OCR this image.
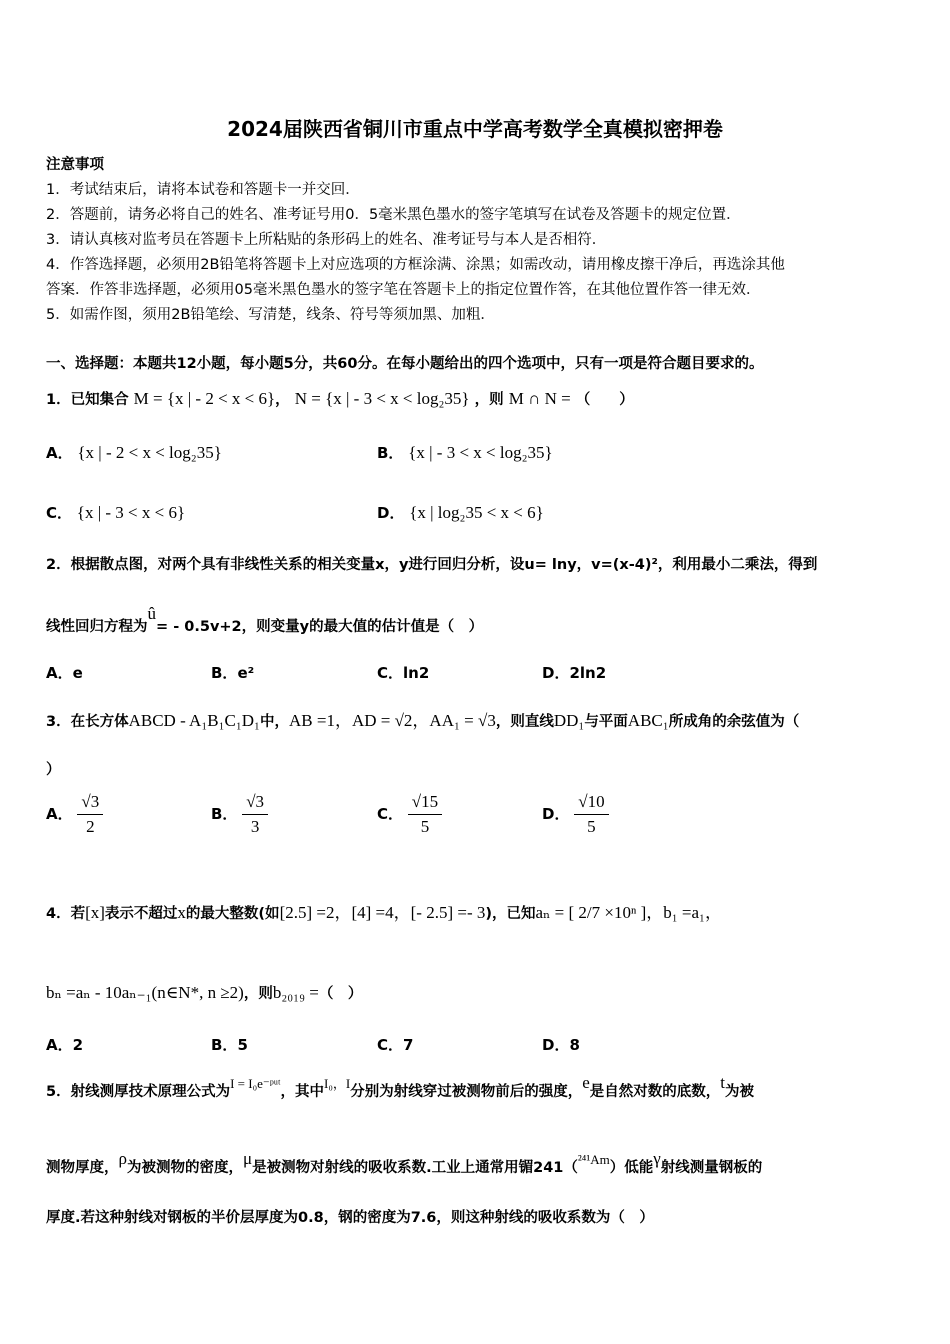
2024届陕西省铜川市重点中学高考数学全真模拟密押卷
注意事项
1．考试结束后，请将本试卷和答题卡一并交回．
2．答题前，请务必将自己的姓名、准考证号用0．5毫米黑色墨水的签字笔填写在试卷及答题卡的规定位置．
3．请认真核对监考员在答题卡上所粘贴的条形码上的姓名、准考证号与本人是否相符．
4．作答选择题，必须用2B铅笔将答题卡上对应选项的方框涂满、涂黑；如需改动，请用橡皮擦干净后，再选涂其他
答案．作答非选择题，必须用05毫米黑色墨水的签字笔在答题卡上的指定位置作答，在其他位置作答一律无效．
5．如需作图，须用2B铅笔绘、写清楚，线条、符号等须加黑、加粗．
一、选择题：本题共12小题，每小题5分，共60分。在每小题给出的四个选项中，只有一项是符合题目要求的。
1．已知集合 M = {x | - 2 < x < 6}， N = {x | - 3 < x < log₂35} ，则 M ∩ N = （　　）
A． {x | - 2 < x < log₂35}	B． {x | - 3 < x < log₂35}
C． {x | - 3 < x < 6}	D． {x | log₂35 < x < 6}
2．根据散点图，对两个具有非线性关系的相关变量x，y进行回归分析，设u= lny，v=(x-4)²，利用最小二乘法，得到
线性回归方程为û= - 0.5v+2，则变量y的最大值的估计值是（　）
A．e	B．e²	C．ln2	D．2ln2
3．在长方体ABCD - A₁B₁C₁D₁中，AB =1，AD = √2，AA₁ = √3，则直线DD₁与平面ABC₁所成角的余弦值为（
）
A． $\frac{√3}{2}$	B． $\frac{√3}{3}$	C． $\frac{√15}{5}$	D． $\frac{√10}{5}$
4．若[x]表示不超过x的最大整数(如[2.5] =2，[4] =4，[- 2.5] =- 3)，已知aₙ = [ 2/7 ×10ⁿ ]，b₁ =a₁，
bₙ =aₙ - 10aₙ₋₁(n∈N*, n ≥2)，则b₂₀₁₉ =（　）
A．2	B．5	C．7	D．8
5．射线测厚技术原理公式为I = I₀e⁻ᵖᵘᵗ，其中I₀，I分别为射线穿过被测物前后的强度，e是自然对数的底数，t为被
测物厚度，ρ为被测物的密度，μ是被测物对射线的吸收系数.工业上通常用镅241（²⁴¹Am）低能γ射线测量钢板的
厚度.若这种射线对钢板的半价层厚度为0.8，钢的密度为7.6，则这种射线的吸收系数为（　）
